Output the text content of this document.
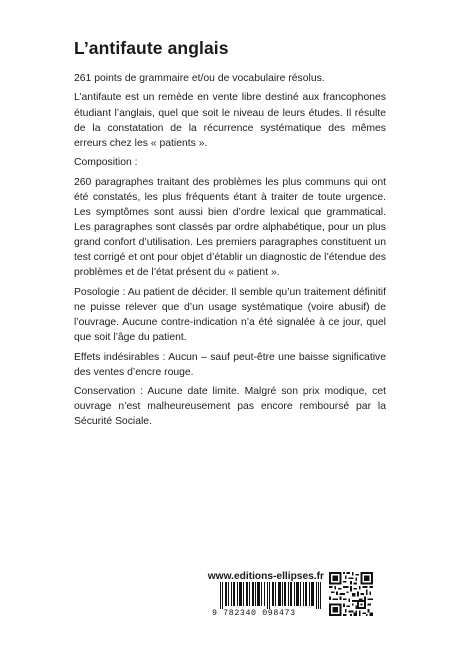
L’antifaute anglais

261 points de grammaire et/ou de vocabulaire résolus.

L’antifaute est un remède en vente libre destiné aux francophones étudiant l’anglais, quel que soit le niveau de leurs études. Il résulte de la constatation de la récurrence systématique des mêmes erreurs chez les « patients ».

Composition :

260 paragraphes traitant des problèmes les plus communs qui ont été constatés, les plus fréquents étant à traiter de toute urgence. Les symptômes sont aussi bien d’ordre lexical que grammatical. Les paragraphes sont classés par ordre alphabétique, pour un plus grand confort d’utilisation. Les premiers paragraphes constituent un test corrigé et ont pour objet d’établir un diagnostic de l’étendue des problèmes et de l’état présent du « patient ».

Posologie : Au patient de décider. Il semble qu’un traitement définitif ne puisse relever que d’un usage systématique (voire abusif) de l’ouvrage. Aucune contre-indication n’a été signalée à ce jour, quel que soit l’âge du patient.

Effets indésirables : Aucun – sauf peut-être une baisse significative des ventes d’encre rouge.

Conservation : Aucune date limite. Malgré son prix modique, cet ouvrage n’est malheureusement pas encore remboursé par la Sécurité Sociale.

www.editions-ellipses.fr
9 782340 098473
